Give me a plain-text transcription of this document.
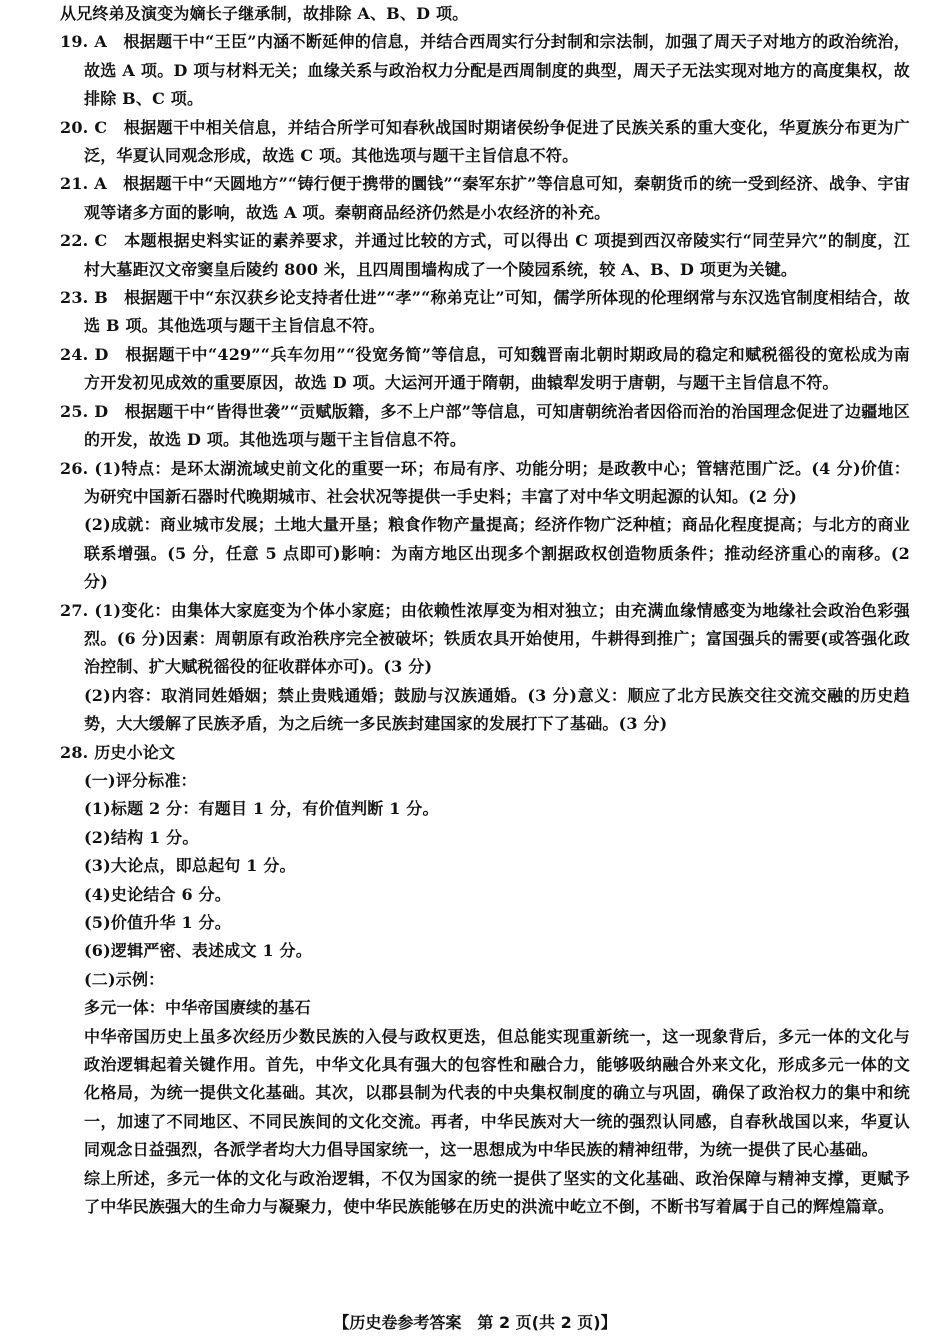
从兄终弟及演变为嫡长子继承制，故排除 A、B、D 项。

19. A　根据题干中“王臣”内涵不断延伸的信息，并结合西周实行分封制和宗法制，加强了周天子对地方的政治统治，故选 A 项。D 项与材料无关；血缘关系与政治权力分配是西周制度的典型，周天子无法实现对地方的高度集权，故排除 B、C 项。

20. C　根据题干中相关信息，并结合所学可知春秋战国时期诸侯纷争促进了民族关系的重大变化，华夏族分布更为广泛，华夏认同观念形成，故选 C 项。其他选项与题干主旨信息不符。

21. A　根据题干中“天圆地方”“铸行便于携带的圜钱”“秦军东扩”等信息可知，秦朝货币的统一受到经济、战争、宇宙观等诸多方面的影响，故选 A 项。秦朝商品经济仍然是小农经济的补充。

22. C　本题根据史料实证的素养要求，并通过比较的方式，可以得出 C 项提到西汉帝陵实行“同茔异穴”的制度，江村大墓距汉文帝窦皇后陵约 800 米，且四周围墙构成了一个陵园系统，较 A、B、D 项更为关键。

23. B　根据题干中“东汉获乡论支持者仕进”“孝”“称弟克让”可知，儒学所体现的伦理纲常与东汉选官制度相结合，故选 B 项。其他选项与题干主旨信息不符。

24. D　根据题干中“429”“兵车勿用”“役宽务简”等信息，可知魏晋南北朝时期政局的稳定和赋税徭役的宽松成为南方开发初见成效的重要原因，故选 D 项。大运河开通于隋朝，曲辕犁发明于唐朝，与题干主旨信息不符。

25. D　根据题干中“皆得世袭”“贡赋版籍，多不上户部”等信息，可知唐朝统治者因俗而治的治国理念促进了边疆地区的开发，故选 D 项。其他选项与题干主旨信息不符。

26. (1)特点：是环太湖流域史前文化的重要一环；布局有序、功能分明；是政教中心；管辖范围广泛。(4 分)价值：为研究中国新石器时代晚期城市、社会状况等提供一手史料；丰富了对中华文明起源的认知。(2 分)

(2)成就：商业城市发展；土地大量开垦；粮食作物产量提高；经济作物广泛种植；商品化程度提高；与北方的商业联系增强。(5 分，任意 5 点即可)影响：为南方地区出现多个割据政权创造物质条件；推动经济重心的南移。(2 分)

27. (1)变化：由集体大家庭变为个体小家庭；由依赖性浓厚变为相对独立；由充满血缘情感变为地缘社会政治色彩强烈。(6 分)因素：周朝原有政治秩序完全被破坏；铁质农具开始使用，牛耕得到推广；富国强兵的需要(或答强化政治控制、扩大赋税徭役的征收群体亦可)。(3 分)

(2)内容：取消同姓婚姻；禁止贵贱通婚；鼓励与汉族通婚。(3 分)意义：顺应了北方民族交往交流交融的历史趋势，大大缓解了民族矛盾，为之后统一多民族封建国家的发展打下了基础。(3 分)

28. 历史小论文

(一)评分标准：

(1)标题 2 分：有题目 1 分，有价值判断 1 分。

(2)结构 1 分。

(3)大论点，即总起句 1 分。

(4)史论结合 6 分。

(5)价值升华 1 分。

(6)逻辑严密、表述成文 1 分。

(二)示例：

多元一体：中华帝国赓续的基石

中华帝国历史上虽多次经历少数民族的入侵与政权更迭，但总能实现重新统一，这一现象背后，多元一体的文化与政治逻辑起着关键作用。首先，中华文化具有强大的包容性和融合力，能够吸纳融合外来文化，形成多元一体的文化格局，为统一提供文化基础。其次，以郡县制为代表的中央集权制度的确立与巩固，确保了政治权力的集中和统一，加速了不同地区、不同民族间的文化交流。再者，中华民族对大一统的强烈认同感，自春秋战国以来，华夏认同观念日益强烈，各派学者均大力倡导国家统一，这一思想成为中华民族的精神纽带，为统一提供了民心基础。

综上所述，多元一体的文化与政治逻辑，不仅为国家的统一提供了坚实的文化基础、政治保障与精神支撑，更赋予了中华民族强大的生命力与凝聚力，使中华民族能够在历史的洪流中屹立不倒，不断书写着属于自己的辉煌篇章。

【历史卷参考答案　第 2 页(共 2 页)】
